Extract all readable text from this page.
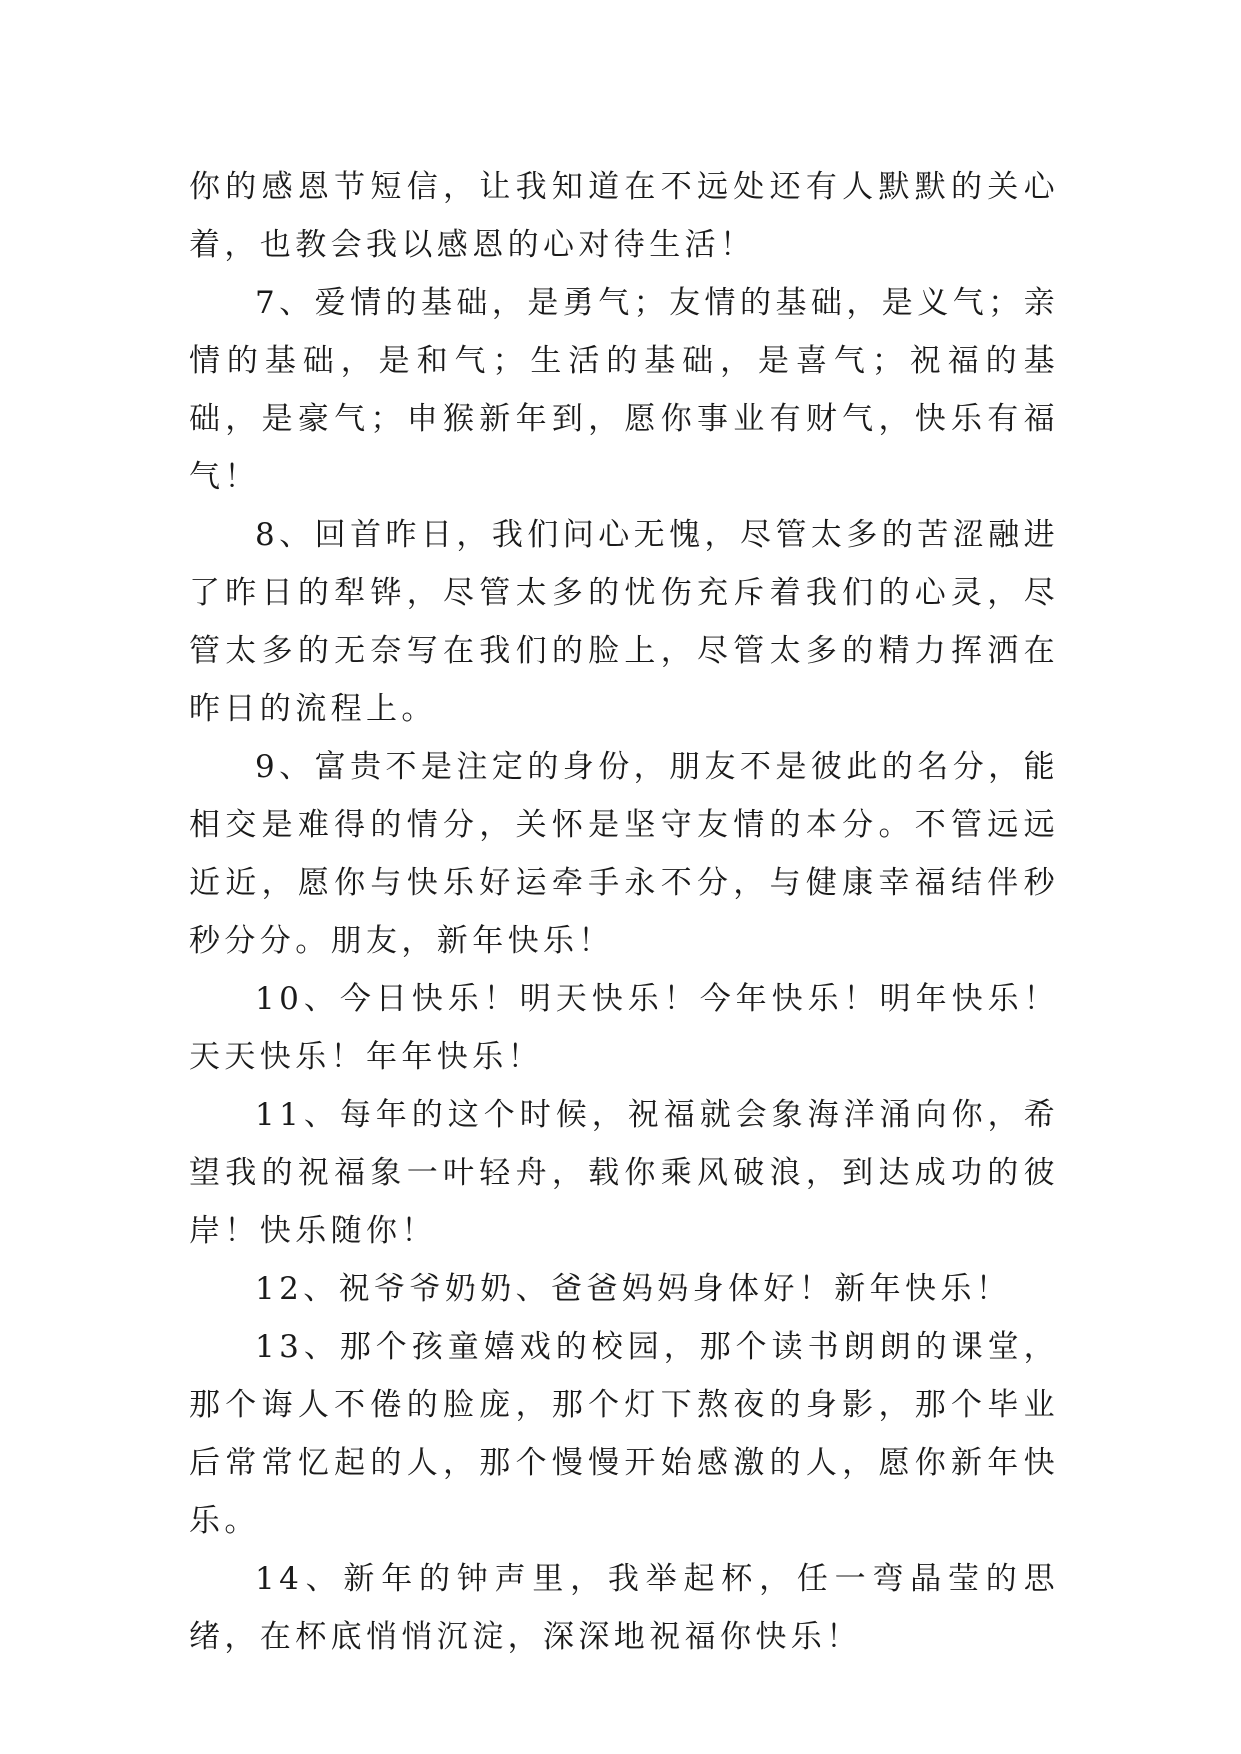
你的感恩节短信，让我知道在不远处还有人默默的关心着，也教会我以感恩的心对待生活！

7、爱情的基础，是勇气；友情的基础，是义气；亲情的基础，是和气；生活的基础，是喜气；祝福的基础，是豪气；申猴新年到，愿你事业有财气，快乐有福气！

8、回首昨日，我们问心无愧，尽管太多的苦涩融进了昨日的犁铧，尽管太多的忧伤充斥着我们的心灵，尽管太多的无奈写在我们的脸上，尽管太多的精力挥洒在昨日的流程上。

9、富贵不是注定的身份，朋友不是彼此的名分，能相交是难得的情分，关怀是坚守友情的本分。不管远远近近，愿你与快乐好运牵手永不分，与健康幸福结伴秒秒分分。朋友，新年快乐！

10、今日快乐！明天快乐！今年快乐！明年快乐！天天快乐！年年快乐！

11、每年的这个时候，祝福就会象海洋涌向你，希望我的祝福象一叶轻舟，载你乘风破浪，到达成功的彼岸！快乐随你！

12、祝爷爷奶奶、爸爸妈妈身体好！新年快乐！

13、那个孩童嬉戏的校园，那个读书朗朗的课堂，那个诲人不倦的脸庞，那个灯下熬夜的身影，那个毕业后常常忆起的人，那个慢慢开始感激的人，愿你新年快乐。

14、新年的钟声里，我举起杯，任一弯晶莹的思绪，在杯底悄悄沉淀，深深地祝福你快乐！
